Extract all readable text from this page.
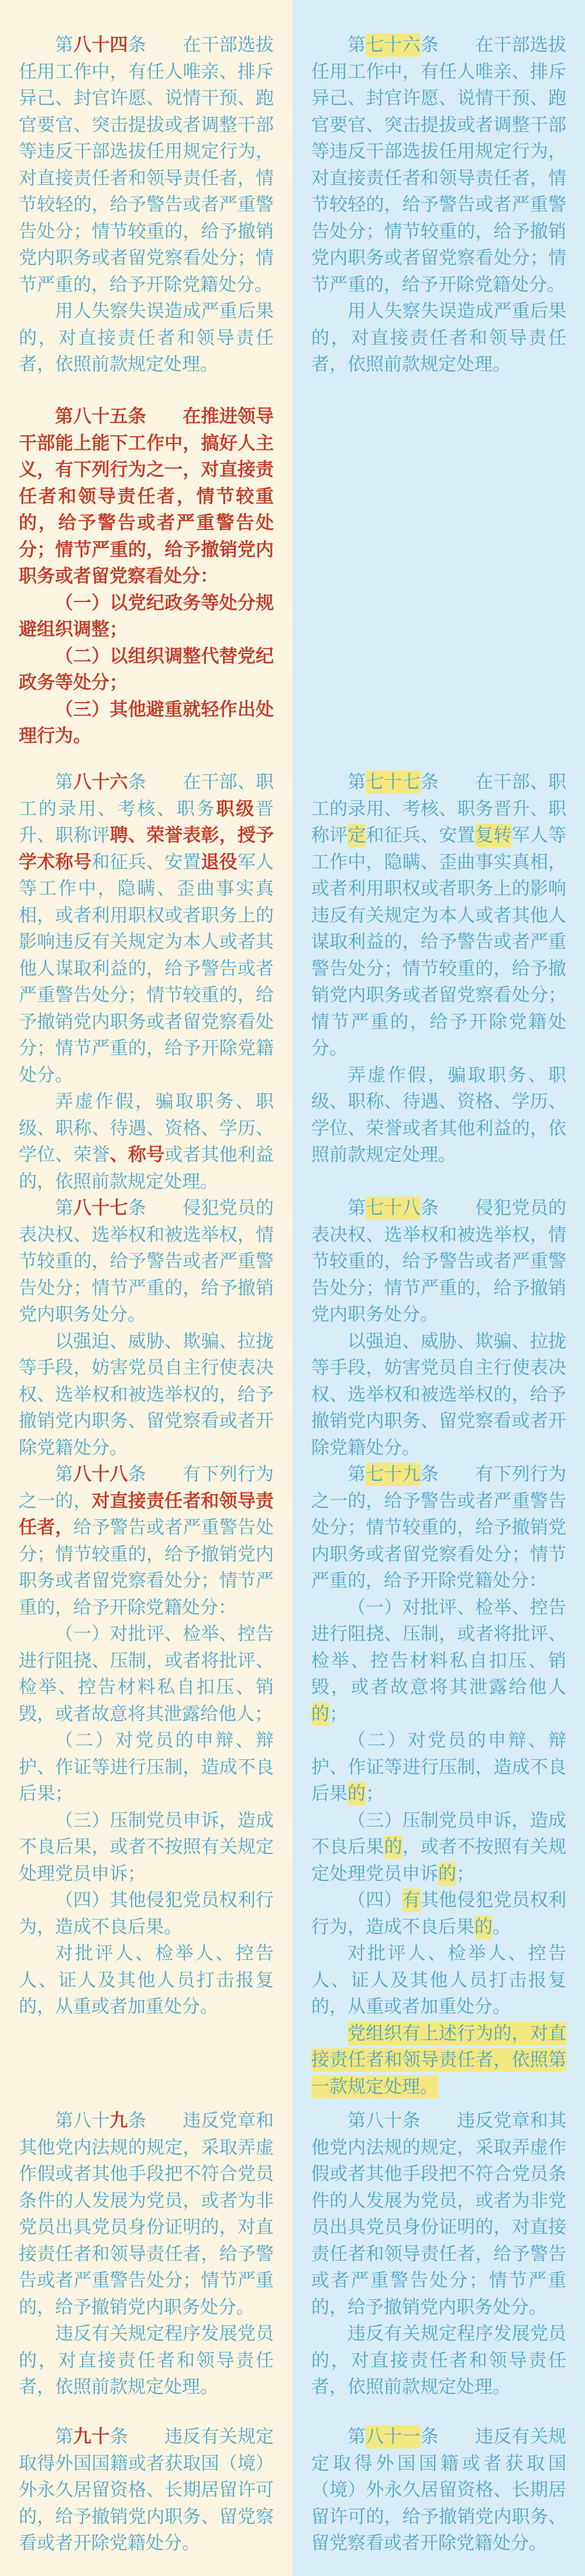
第八十四条　　在干部选拔任用工作中，有任人唯亲、排斥异己、封官许愿、说情干预、跑官要官、突击提拔或者调整干部等违反干部选拔任用规定行为，对直接责任者和领导责任者，情节较轻的，给予警告或者严重警告处分；情节较重的，给予撤销党内职务或者留党察看处分；情节严重的，给予开除党籍处分。

用人失察失误造成严重后果的，对直接责任者和领导责任者，依照前款规定处理。

第七十六条　　在干部选拔任用工作中，有任人唯亲、排斥异己、封官许愿、说情干预、跑官要官、突击提拔或者调整干部等违反干部选拔任用规定行为，对直接责任者和领导责任者，情节较轻的，给予警告或者严重警告处分；情节较重的，给予撤销党内职务或者留党察看处分；情节严重的，给予开除党籍处分。

用人失察失误造成严重后果的，对直接责任者和领导责任者，依照前款规定处理。

第八十五条　　在推进领导干部能上能下工作中，搞好人主义，有下列行为之一，对直接责任者和领导责任者，情节较重的，给予警告或者严重警告处分；情节严重的，给予撤销党内职务或者留党察看处分：

（一）以党纪政务等处分规避组织调整；

（二）以组织调整代替党纪政务等处分；

（三）其他避重就轻作出处理行为。

第八十六条　　在干部、职工的录用、考核、职务职级晋升、职称评聘、荣誉表彰，授予学术称号和征兵、安置退役军人等工作中，隐瞒、歪曲事实真相，或者利用职权或者职务上的影响违反有关规定为本人或者其他人谋取利益的，给予警告或者严重警告处分；情节较重的，给予撤销党内职务或者留党察看处分；情节严重的，给予开除党籍处分。

弄虚作假，骗取职务、职级、职称、待遇、资格、学历、学位、荣誉、称号或者其他利益的，依照前款规定处理。

第七十七条　　在干部、职工的录用、考核、职务晋升、职称评定和征兵、安置复转军人等工作中，隐瞒、歪曲事实真相，或者利用职权或者职务上的影响违反有关规定为本人或者其他人谋取利益的，给予警告或者严重警告处分；情节较重的，给予撤销党内职务或者留党察看处分；情节严重的，给予开除党籍处分。

弄虚作假，骗取职务、职级、职称、待遇、资格、学历、学位、荣誉或者其他利益的，依照前款规定处理。

第八十七条　　侵犯党员的表决权、选举权和被选举权，情节较重的，给予警告或者严重警告处分；情节严重的，给予撤销党内职务处分。

以强迫、威胁、欺骗、拉拢等手段，妨害党员自主行使表决权、选举权和被选举权的，给予撤销党内职务、留党察看或者开除党籍处分。

第七十八条　　侵犯党员的表决权、选举权和被选举权，情节较重的，给予警告或者严重警告处分；情节严重的，给予撤销党内职务处分。

以强迫、威胁、欺骗、拉拢等手段，妨害党员自主行使表决权、选举权和被选举权的，给予撤销党内职务、留党察看或者开除党籍处分。

第八十八条　　有下列行为之一的，对直接责任者和领导责任者，给予警告或者严重警告处分；情节较重的，给予撤销党内职务或者留党察看处分；情节严重的，给予开除党籍处分：

（一）对批评、检举、控告进行阻挠、压制，或者将批评、检举、控告材料私自扣压、销毁，或者故意将其泄露给他人；

（二）对党员的申辩、辩护、作证等进行压制，造成不良后果；

（三）压制党员申诉，造成不良后果，或者不按照有关规定处理党员申诉；

（四）其他侵犯党员权利行为，造成不良后果。

对批评人、检举人、控告人、证人及其他人员打击报复的，从重或者加重处分。

第七十九条　　有下列行为之一的，给予警告或者严重警告处分；情节较重的，给予撤销党内职务或者留党察看处分；情节严重的，给予开除党籍处分：

（一）对批评、检举、控告进行阻挠、压制，或者将批评、检举、控告材料私自扣压、销毁，或者故意将其泄露给他人的；

（二）对党员的申辩、辩护、作证等进行压制，造成不良后果的；

（三）压制党员申诉，造成不良后果的，或者不按照有关规定处理党员申诉的；

（四）有其他侵犯党员权利行为，造成不良后果的。

对批评人、检举人、控告人、证人及其他人员打击报复的，从重或者加重处分。

党组织有上述行为的，对直接责任者和领导责任者，依照第一款规定处理。

第八十九条　　违反党章和其他党内法规的规定，采取弄虚作假或者其他手段把不符合党员条件的人发展为党员，或者为非党员出具党员身份证明的，对直接责任者和领导责任者，给予警告或者严重警告处分；情节严重的，给予撤销党内职务处分。

违反有关规定程序发展党员的，对直接责任者和领导责任者，依照前款规定处理。

第八十条　　违反党章和其他党内法规的规定，采取弄虚作假或者其他手段把不符合党员条件的人发展为党员，或者为非党员出具党员身份证明的，对直接责任者和领导责任者，给予警告或者严重警告处分；情节严重的，给予撤销党内职务处分。

违反有关规定程序发展党员的，对直接责任者和领导责任者，依照前款规定处理。

第九十条　　违反有关规定取得外国国籍或者获取国（境）外永久居留资格、长期居留许可的，给予撤销党内职务、留党察看或者开除党籍处分。

第八十一条　　违反有关规定取得外国国籍或者获取国（境）外永久居留资格、长期居留许可的，给予撤销党内职务、留党察看或者开除党籍处分。
